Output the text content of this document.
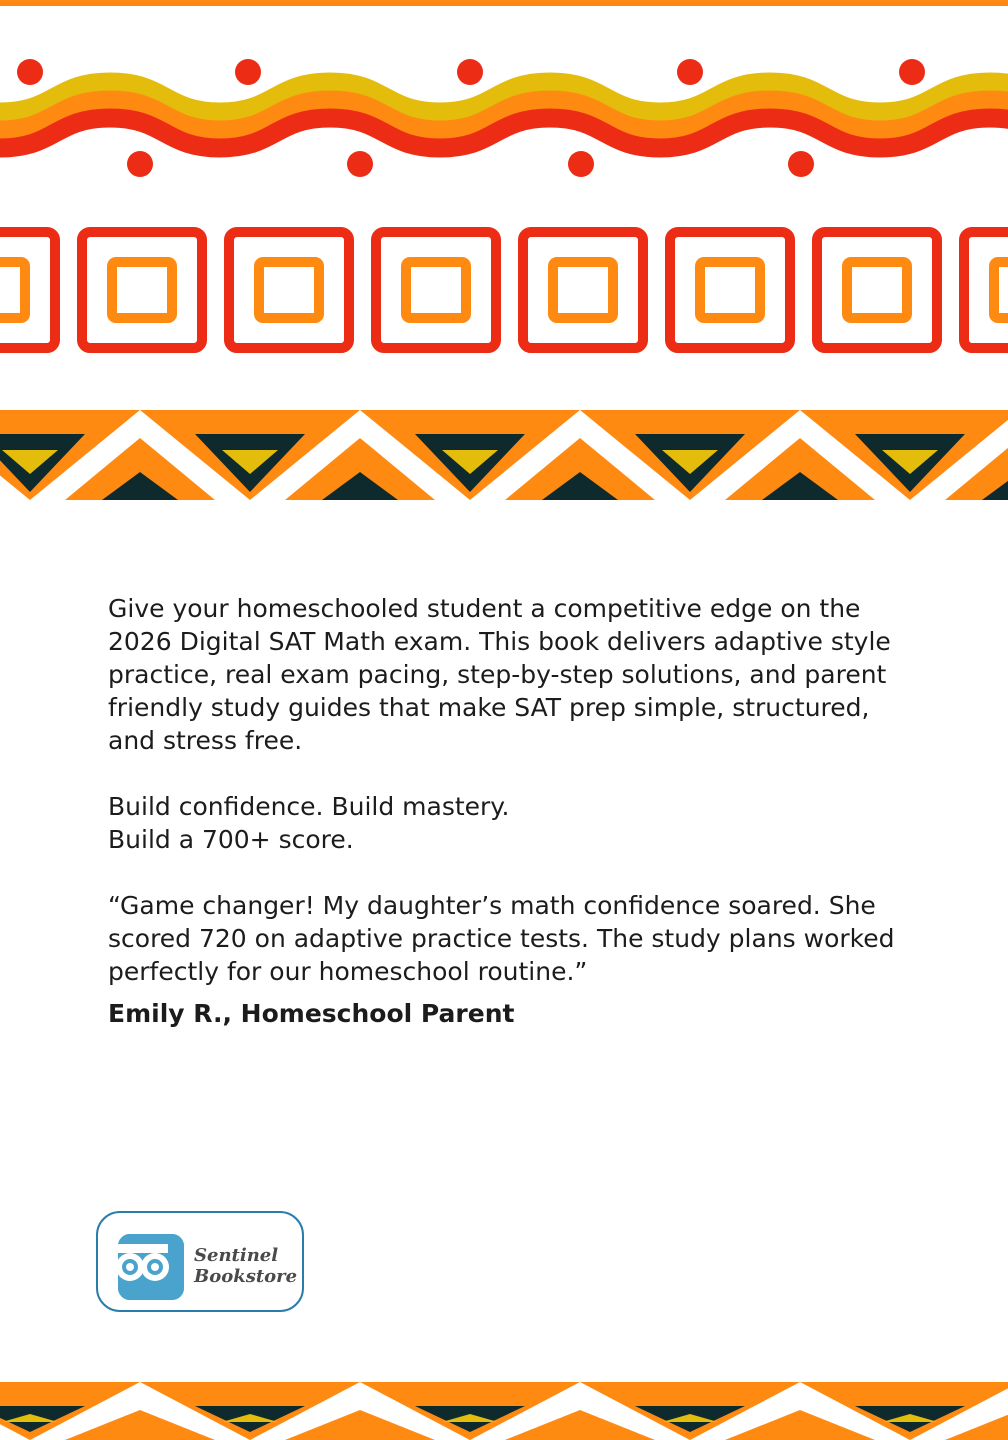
Give your homeschooled student a competitive edge on the 2026 Digital SAT Math exam. This book delivers adaptive style practice, real exam pacing, step-by-step solutions, and parent friendly study guides that make SAT prep simple, structured, and stress free.

Build confidence. Build mastery.

Build a 700+ score.

“Game changer! My daughter’s math confidence soared. She scored 720 on adaptive practice tests. The study plans worked perfectly for our homeschool routine.”

Emily R., Homeschool Parent

Sentinel
Bookstore
